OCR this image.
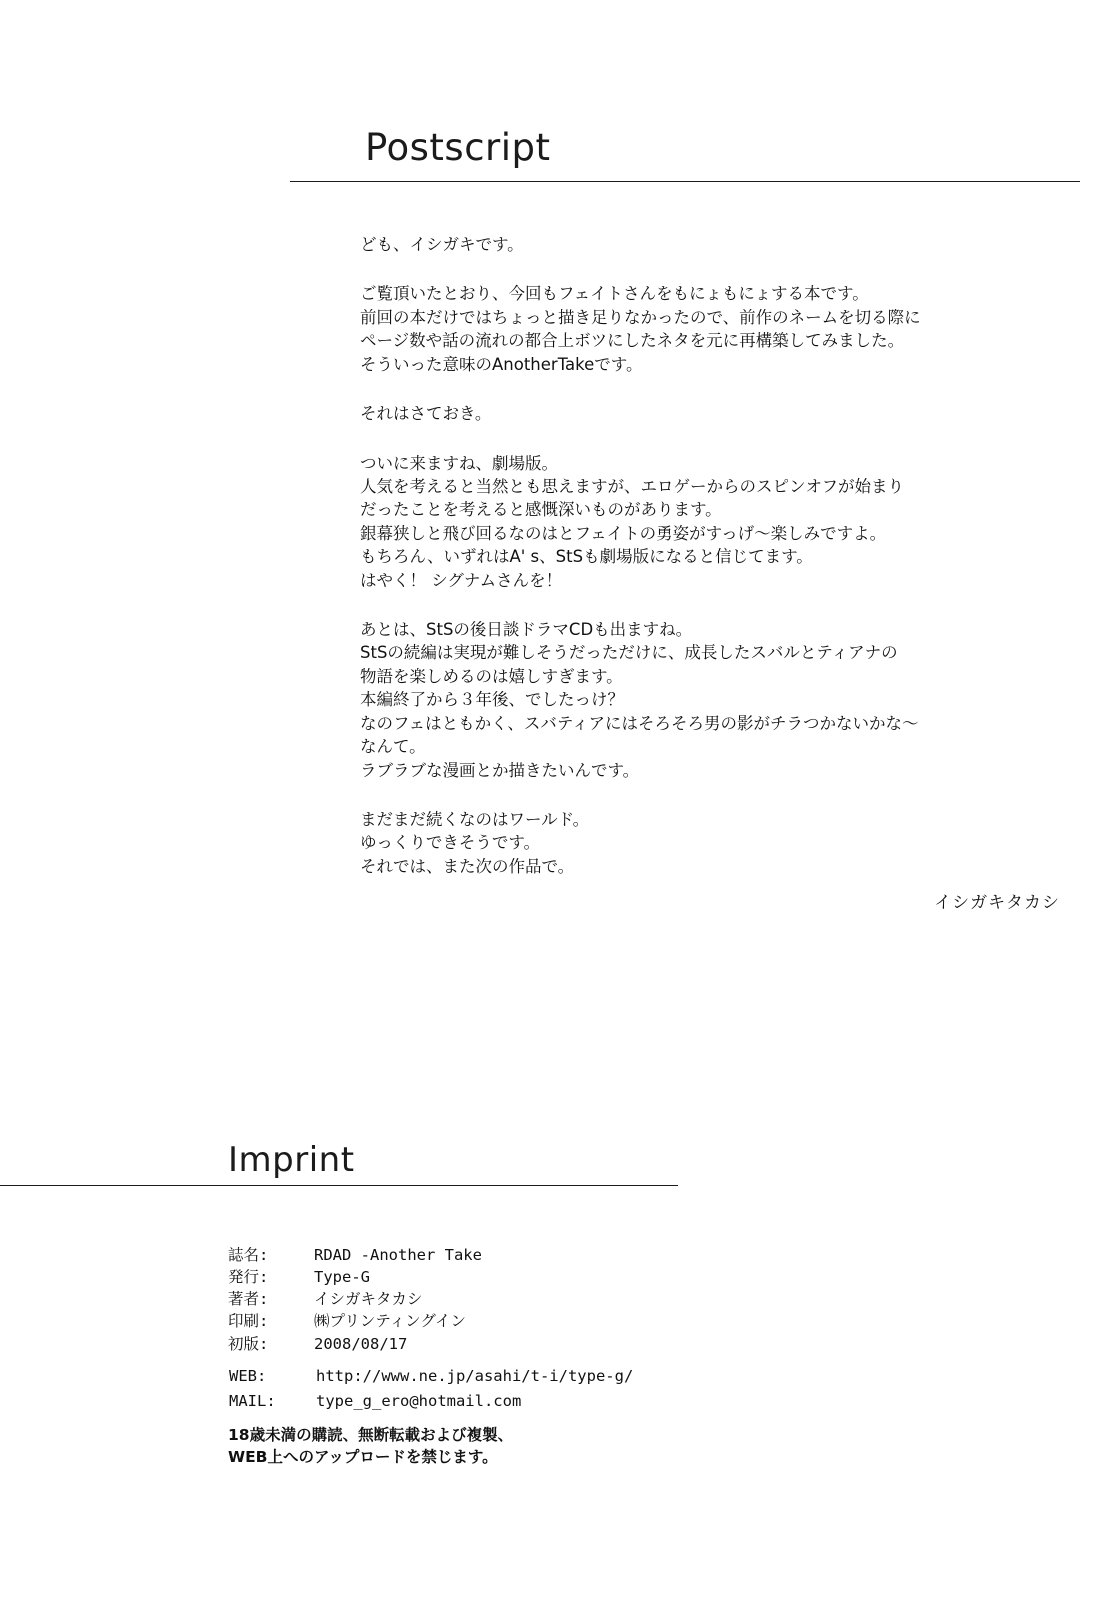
Postscript

ども、イシガキです。

ご覧頂いたとおり、今回もフェイトさんをもにょもにょする本です。

前回の本だけではちょっと描き足りなかったので、前作のネームを切る際に

ページ数や話の流れの都合上ボツにしたネタを元に再構築してみました。

そういった意味のAnotherTakeです。

それはさておき。

ついに来ますね、劇場版。

人気を考えると当然とも思えますが、エロゲーからのスピンオフが始まり

だったことを考えると感慨深いものがあります。

銀幕狭しと飛び回るなのはとフェイトの勇姿がすっげ～楽しみですよ。

もちろん、いずれはA' s、StSも劇場版になると信じてます。

はやく！ シグナムさんを！

あとは、StSの後日談ドラマCDも出ますね。

StSの続編は実現が難しそうだっただけに、成長したスバルとティアナの

物語を楽しめるのは嬉しすぎます。

本編終了から３年後、でしたっけ？

なのフェはともかく、スバティアにはそろそろ男の影がチラつかないかな～

なんて。

ラブラブな漫画とか描きたいんです。

まだまだ続くなのはワールド。

ゆっくりできそうです。

それでは、また次の作品で。

イシガキタカシ
Imprint
誌名:	RDAD -Another Take
発行:	Type-G
著者:	イシガキタカシ
印刷:	㈱プリンティングイン
初版:	2008/08/17
WEB:	http://www.ne.jp/asahi/t-i/type-g/
MAIL:	type_g_ero@hotmail.com
18歳未満の購読、無断転載および複製、
WEB上へのアップロードを禁じます。
